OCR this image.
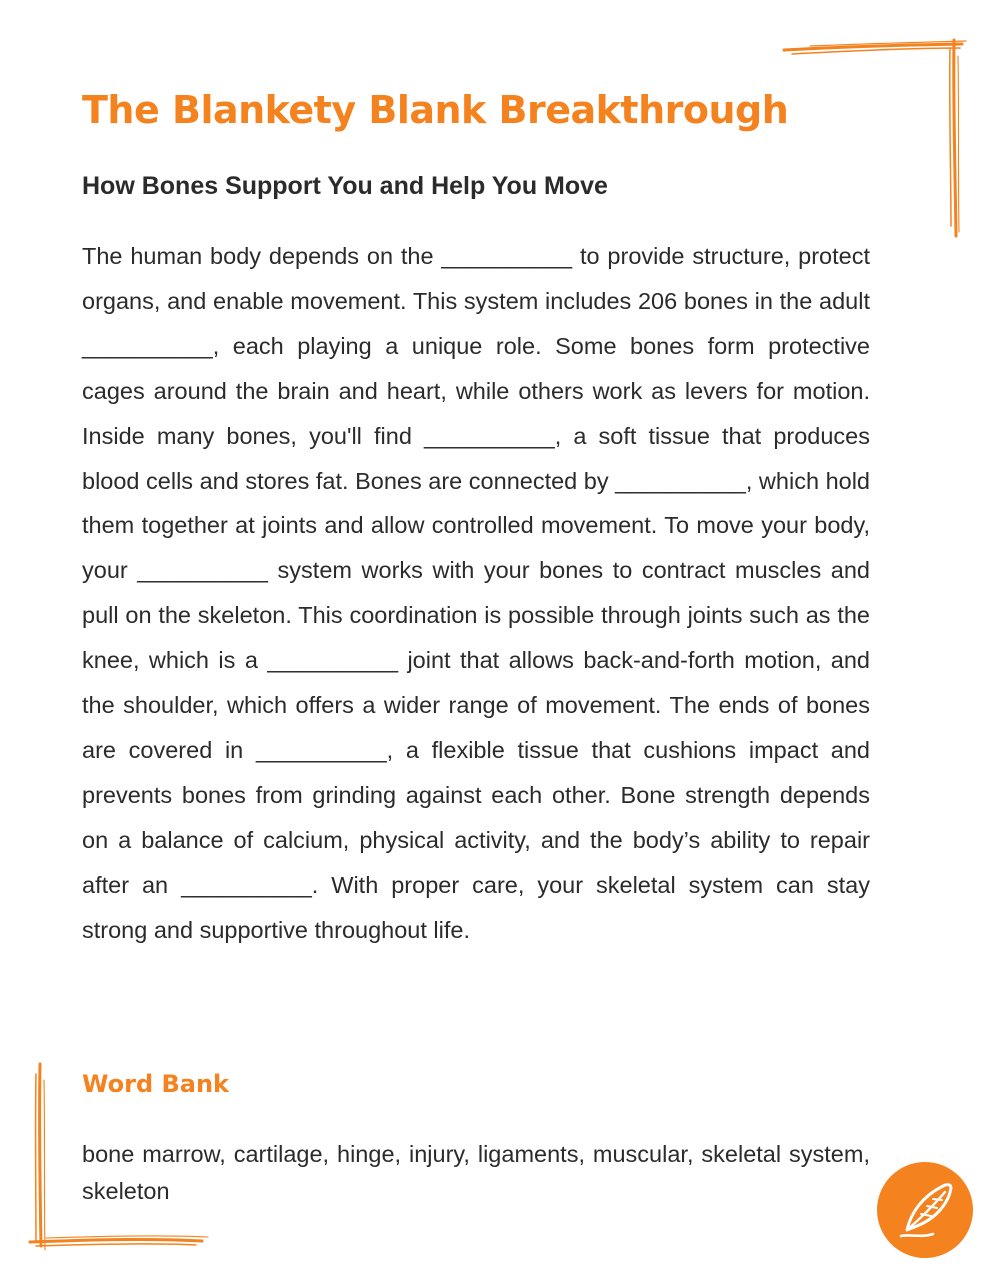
The Blankety Blank Breakthrough
How Bones Support You and Help You Move

The human body depends on the __________ to provide structure, protect organs, and enable movement. This system includes 206 bones in the adult __________, each playing a unique role. Some bones form protective cages around the brain and heart, while others work as levers for motion. Inside many bones, you'll find __________, a soft tissue that produces blood cells and stores fat. Bones are connected by __________, which hold them together at joints and allow controlled movement. To move your body, your __________ system works with your bones to contract muscles and pull on the skeleton. This coordination is possible through joints such as the knee, which is a __________ joint that allows back-and-forth motion, and the shoulder, which offers a wider range of movement. The ends of bones are covered in __________, a flexible tissue that cushions impact and prevents bones from grinding against each other. Bone strength depends on a balance of calcium, physical activity, and the body’s ability to repair after an __________. With proper care, your skeletal system can stay strong and supportive throughout life.

Word Bank

bone marrow, cartilage, hinge, injury, ligaments, muscular, skeletal system, skeleton
